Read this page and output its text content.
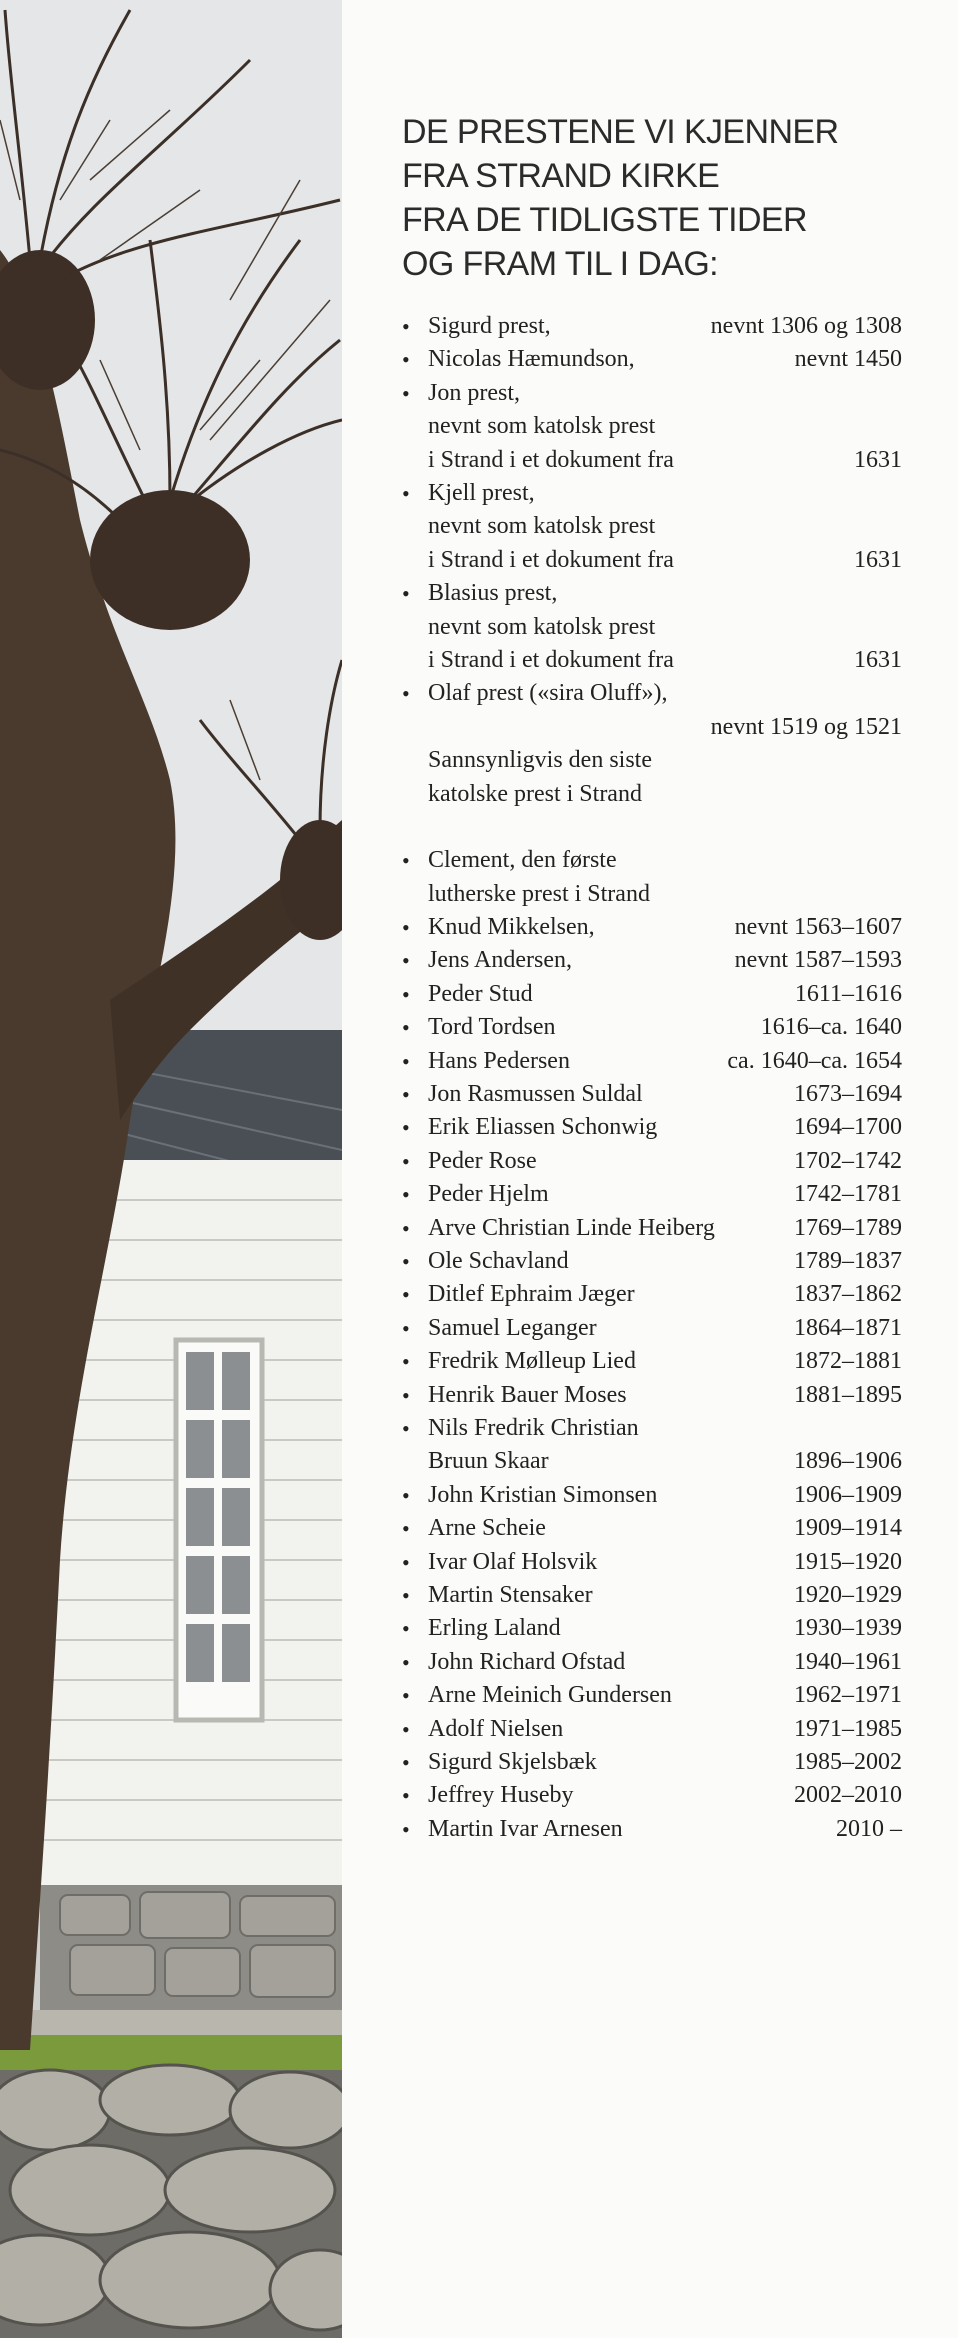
DE PRESTENE VI KJENNER
FRA STRAND KIRKE
FRA DE TIDLIGSTE TIDER
OG FRAM TIL I DAG:
• Sigurd prest,	nevnt 1306 og 1308
• Nicolas Hæmundson,	nevnt 1450
• Jon prest,
nevnt som katolsk prest
i Strand i et dokument fra	1631
• Kjell prest,
nevnt som katolsk prest
i Strand i et dokument fra	1631
• Blasius prest,
nevnt som katolsk prest
i Strand i et dokument fra	1631
• Olaf prest («sira Oluff»),
nevnt 1519 og 1521
Sannsynligvis den siste
katolske prest i Strand
• Clement, den første
lutherske prest i Strand
• Knud Mikkelsen,	nevnt 1563–1607
• Jens Andersen,	nevnt 1587–1593
• Peder Stud	1611–1616
• Tord Tordsen	1616–ca. 1640
• Hans Pedersen	ca. 1640–ca. 1654
• Jon Rasmussen Suldal	1673–1694
• Erik Eliassen Schonwig	1694–1700
• Peder Rose	1702–1742
• Peder Hjelm	1742–1781
• Arve Christian Linde Heiberg	1769–1789
• Ole Schavland	1789–1837
• Ditlef Ephraim Jæger	1837–1862
• Samuel Leganger	1864–1871
• Fredrik Mølleup Lied	1872–1881
• Henrik Bauer Moses	1881–1895
• Nils Fredrik Christian
Bruun Skaar	1896–1906
• John Kristian Simonsen	1906–1909
• Arne Scheie	1909–1914
• Ivar Olaf Holsvik	1915–1920
• Martin Stensaker	1920–1929
• Erling Laland	1930–1939
• John Richard Ofstad	1940–1961
• Arne Meinich Gundersen	1962–1971
• Adolf Nielsen	1971–1985
• Sigurd Skjelsbæk	1985–2002
• Jeffrey Huseby	2002–2010
• Martin Ivar Arnesen	2010 –
